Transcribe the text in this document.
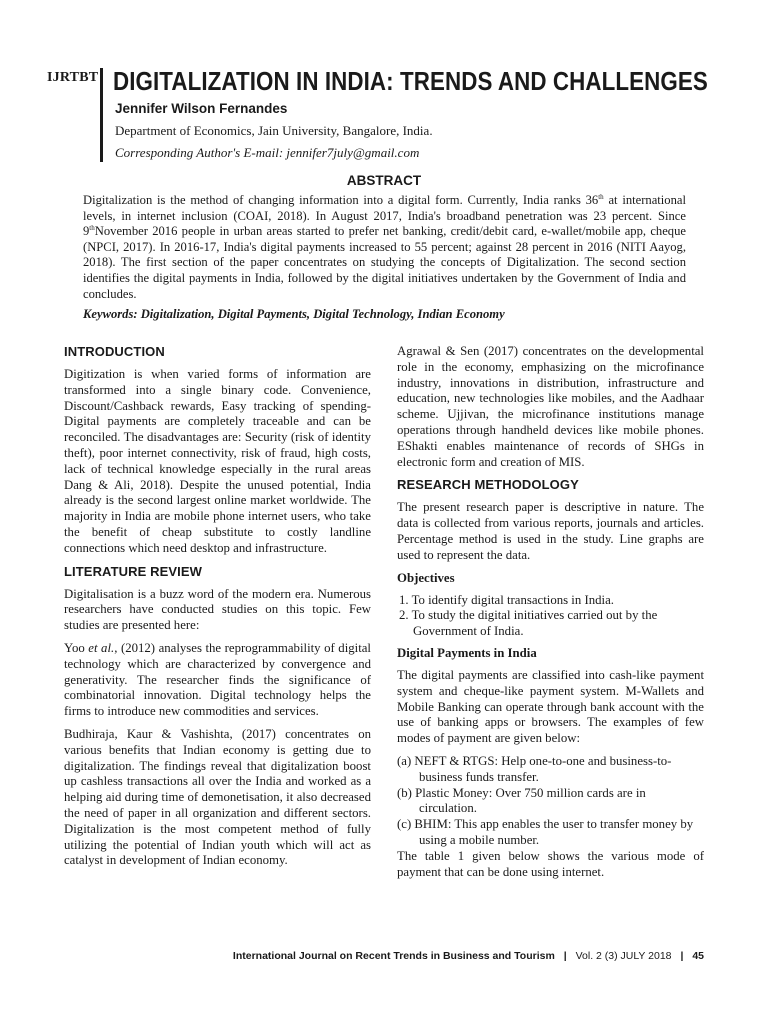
IJRTBT DIGITALIZATION IN INDIA: TRENDS AND CHALLENGES
Jennifer Wilson Fernandes
Department of Economics, Jain University, Bangalore, India.
Corresponding Author's E-mail: jennifer7july@gmail.com
ABSTRACT

Digitalization is the method of changing information into a digital form. Currently, India ranks 36th at international levels, in internet inclusion (COAI, 2018). In August 2017, India's broadband penetration was 23 percent. Since 9thNovember 2016 people in urban areas started to prefer net banking, credit/debit card, e-wallet/mobile app, cheque (NPCI, 2017). In 2016-17, India's digital payments increased to 55 percent; against 28 percent in 2016 (NITI Aayog, 2018). The first section of the paper concentrates on studying the concepts of Digitalization. The second section identifies the digital payments in India, followed by the digital initiatives undertaken by the Government of India and concludes.

Keywords: Digitalization, Digital Payments, Digital Technology, Indian Economy

INTRODUCTION

Digitization is when varied forms of information are transformed into a single binary code. Convenience, Discount/Cashback rewards, Easy tracking of spending- Digital payments are completely traceable and can be reconciled. The disadvantages are: Security (risk of identity theft), poor internet connectivity, risk of fraud, high costs, lack of technical knowledge especially in the rural areas Dang & Ali, 2018). Despite the unused potential, India already is the second largest online market worldwide. The majority in India are mobile phone internet users, who take the benefit of cheap substitute to costly landline connections which need desktop and infrastructure.

LITERATURE REVIEW

Digitalisation is a buzz word of the modern era. Numerous researchers have conducted studies on this topic. Few studies are presented here:

Yoo et al., (2012) analyses the reprogrammability of digital technology which are characterized by convergence and generativity. The researcher finds the significance of combinatorial innovation. Digital technology helps the firms to introduce new commodities and services.

Budhiraja, Kaur & Vashishta, (2017) concentrates on various benefits that Indian economy is getting due to digitalization. The findings reveal that digitalization boost up cashless transactions all over the India and worked as a helping aid during time of demonetisation, it also decreased the need of paper in all organization and different sectors. Digitalization is the most competent method of fully utilizing the potential of Indian youth which will act as catalyst in development of Indian economy.

Agrawal & Sen (2017) concentrates on the developmental role in the economy, emphasizing on the microfinance industry, innovations in distribution, infrastructure and education, new technologies like mobiles, and the Aadhaar scheme. Ujjivan, the microfinance institutions manage operations through handheld devices like mobile phones. EShakti enables maintenance of records of SHGs in electronic form and creation of MIS.

RESEARCH METHODOLOGY

The present research paper is descriptive in nature. The data is collected from various reports, journals and articles. Percentage method is used in the study. Line graphs are used to represent the data.

Objectives
1. To identify digital transactions in India.
2. To study the digital initiatives carried out by the Government of India.
Digital Payments in India

The digital payments are classified into cash-like payment system and cheque-like payment system. M-Wallets and Mobile Banking can operate through bank account with the use of banking apps or browsers. The examples of few modes of payment are given below:

(a) NEFT & RTGS: Help one-to-one and business-to-business funds transfer.
(b) Plastic Money: Over 750 million cards are in circulation.
(c) BHIM: This app enables the user to transfer money by using a mobile number.

The table 1 given below shows the various mode of payment that can be done using internet.

International Journal on Recent Trends in Business and Tourism | Vol. 2 (3) JULY 2018 | 45
